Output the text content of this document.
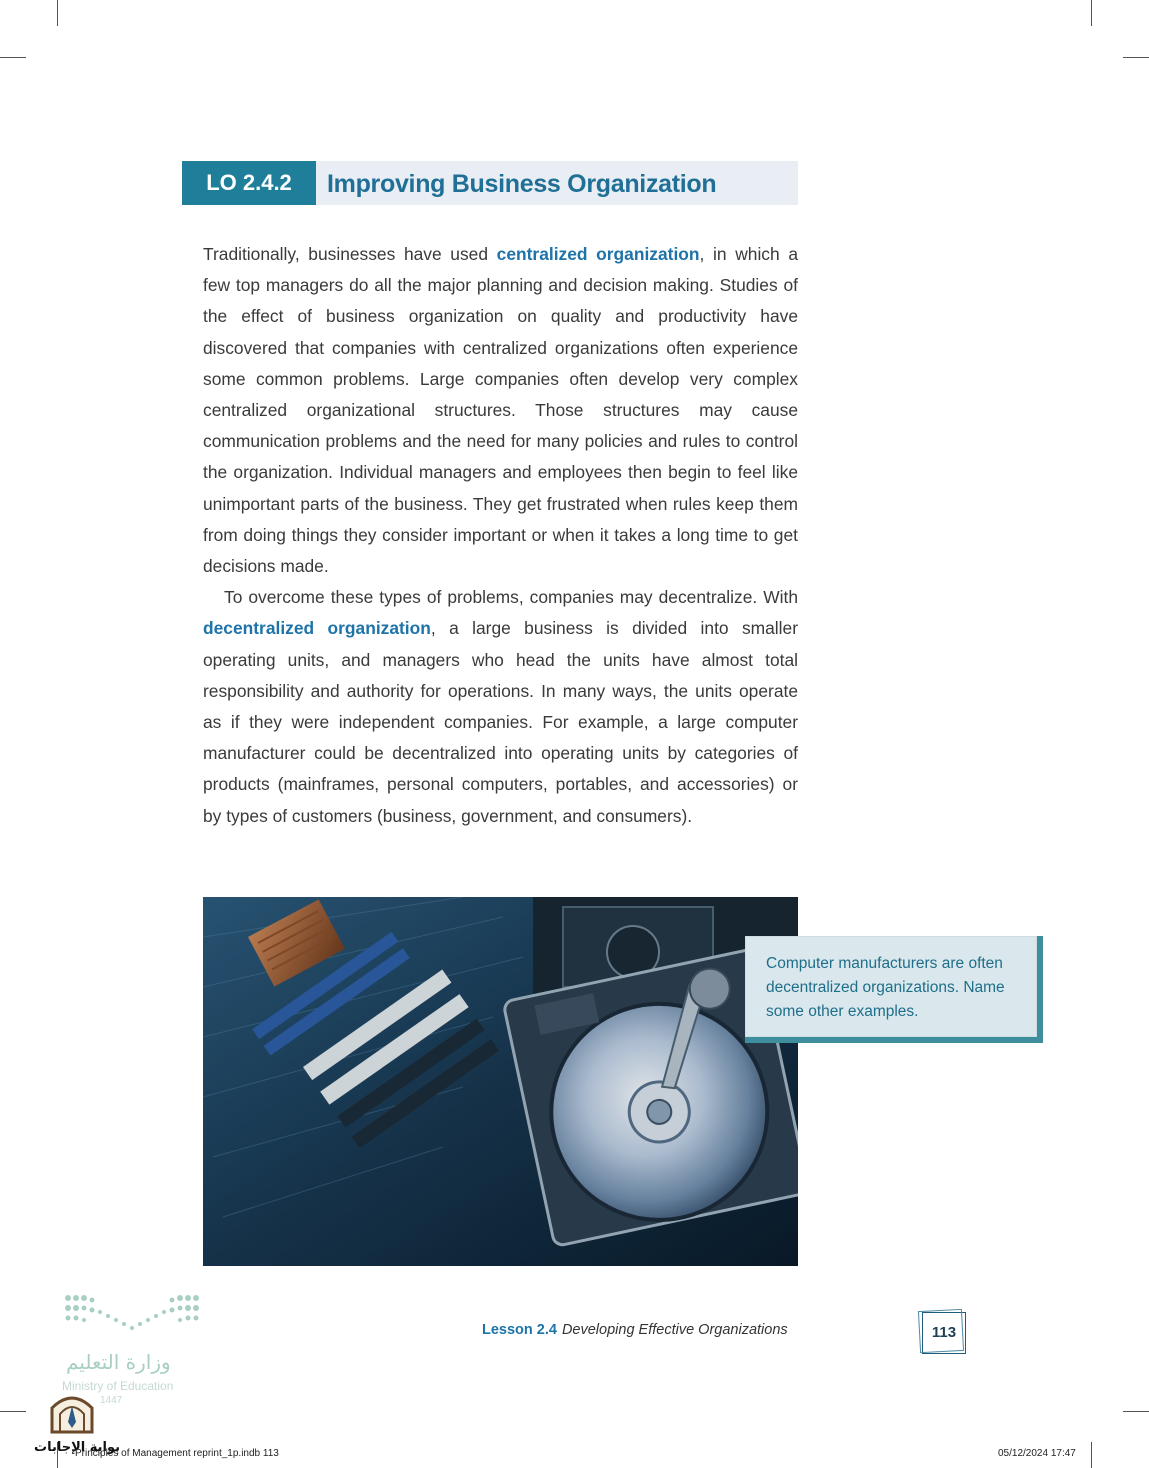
LO 2.4.2	Improving Business Organization

Traditionally, businesses have used centralized organization, in which a few top managers do all the major planning and decision making. Studies of the effect of business organization on quality and productivity have discovered that companies with centralized organizations often experience some common problems. Large companies often develop very complex centralized organizational structures. Those structures may cause communication problems and the need for many policies and rules to control the organization. Individual managers and employees then begin to feel like unimportant parts of the business. They get frustrated when rules keep them from doing things they consider important or when it takes a long time to get decisions made.

To overcome these types of problems, companies may decentralize. With decentralized organization, a large business is divided into smaller operating units, and managers who head the units have almost total responsibility and authority for operations. In many ways, the units operate as if they were independent companies. For example, a large computer manufacturer could be decentralized into operating units by categories of products (mainframes, personal computers, portables, and accessories) or by types of customers (business, government, and consumers).

Computer manufacturers are often decentralized organizations. Name some other examples.
Lesson 2.4 Developing Effective Organizations	113
وزارة التعليم
Ministry of Education
1447
بوابة الإجابات
Principles of Management reprint_1p.indb 113	05/12/2024 17:47
